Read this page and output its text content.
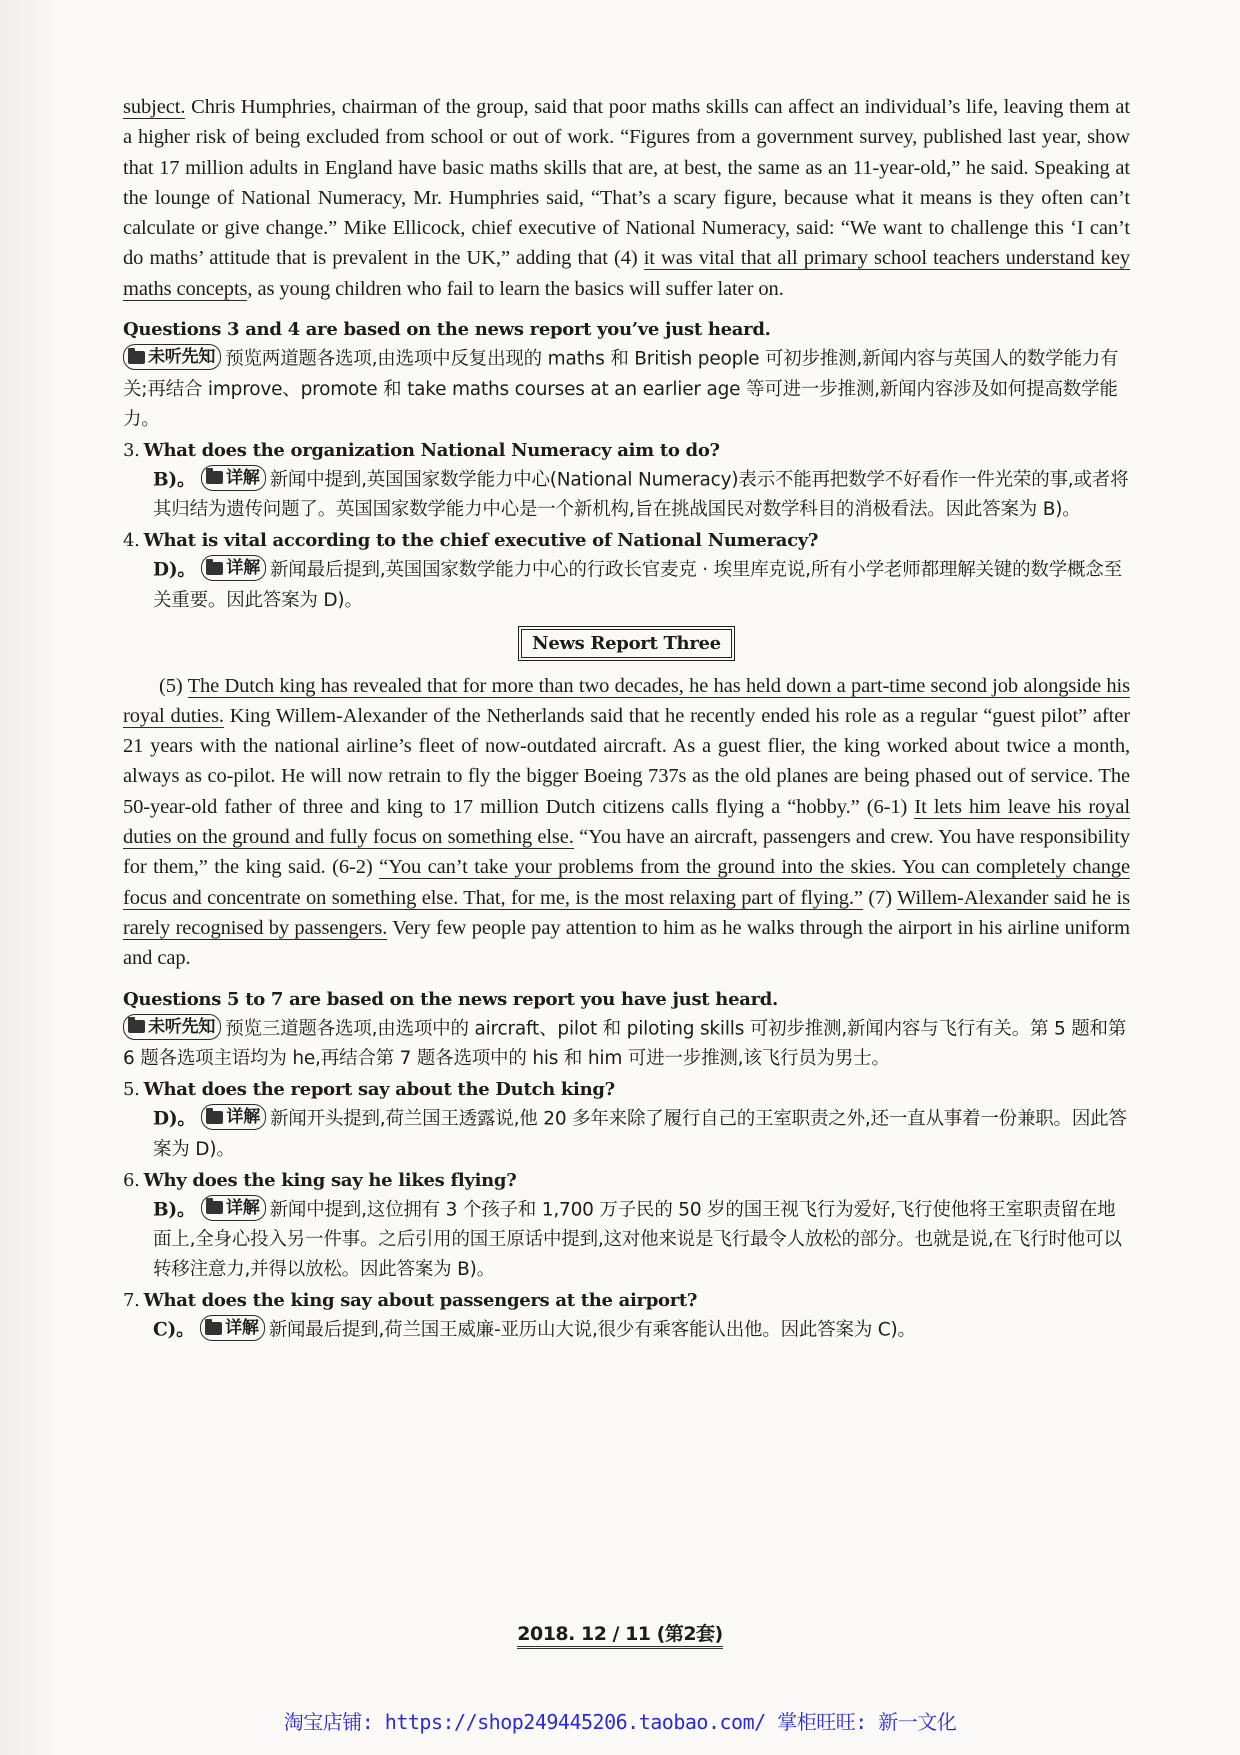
subject. Chris Humphries, chairman of the group, said that poor maths skills can affect an individual’s life, leaving them at a higher risk of being excluded from school or out of work. “Figures from a government survey, published last year, show that 17 million adults in England have basic maths skills that are, at best, the same as an 11-year-old,” he said. Speaking at the lounge of National Numeracy, Mr. Humphries said, “That’s a scary figure, because what it means is they often can’t calculate or give change.” Mike Ellicock, chief executive of National Numeracy, said: “We want to challenge this ‘I can’t do maths’ attitude that is prevalent in the UK,” adding that (4) it was vital that all primary school teachers understand key maths concepts, as young children who fail to learn the basics will suffer later on.

Questions 3 and 4 are based on the news report you’ve just heard.
未听先知 预览两道题各选项,由选项中反复出现的 maths 和 British people 可初步推测,新闻内容与英国人的数学能力有关;再结合 improve、promote 和 take maths courses at an earlier age 等可进一步推测,新闻内容涉及如何提高数学能力。
3. What does the organization National Numeracy aim to do?
B)。 详解 新闻中提到,英国国家数学能力中心(National Numeracy)表示不能再把数学不好看作一件光荣的事,或者将其归结为遗传问题了。英国国家数学能力中心是一个新机构,旨在挑战国民对数学科目的消极看法。因此答案为 B)。
4. What is vital according to the chief executive of National Numeracy?
D)。 详解 新闻最后提到,英国国家数学能力中心的行政长官麦克 · 埃里库克说,所有小学老师都理解关键的数学概念至关重要。因此答案为 D)。
News Report Three

(5) The Dutch king has revealed that for more than two decades, he has held down a part-time second job alongside his royal duties. King Willem-Alexander of the Netherlands said that he recently ended his role as a regular “guest pilot” after 21 years with the national airline’s fleet of now-outdated aircraft. As a guest flier, the king worked about twice a month, always as co-pilot. He will now retrain to fly the bigger Boeing 737s as the old planes are being phased out of service. The 50-year-old father of three and king to 17 million Dutch citizens calls flying a “hobby.” (6-1) It lets him leave his royal duties on the ground and fully focus on something else. “You have an aircraft, passengers and crew. You have responsibility for them,” the king said. (6-2) “You can’t take your problems from the ground into the skies. You can completely change focus and concentrate on something else. That, for me, is the most relaxing part of flying.” (7) Willem-Alexander said he is rarely recognised by passengers. Very few people pay attention to him as he walks through the airport in his airline uniform and cap.

Questions 5 to 7 are based on the news report you have just heard.
未听先知 预览三道题各选项,由选项中的 aircraft、pilot 和 piloting skills 可初步推测,新闻内容与飞行有关。第 5 题和第 6 题各选项主语均为 he,再结合第 7 题各选项中的 his 和 him 可进一步推测,该飞行员为男士。
5. What does the report say about the Dutch king?
D)。 详解 新闻开头提到,荷兰国王透露说,他 20 多年来除了履行自己的王室职责之外,还一直从事着一份兼职。因此答案为 D)。
6. Why does the king say he likes flying?
B)。 详解 新闻中提到,这位拥有 3 个孩子和 1,700 万子民的 50 岁的国王视飞行为爱好,飞行使他将王室职责留在地面上,全身心投入另一件事。之后引用的国王原话中提到,这对他来说是飞行最令人放松的部分。也就是说,在飞行时他可以转移注意力,并得以放松。因此答案为 B)。
7. What does the king say about passengers at the airport?
C)。 详解 新闻最后提到,荷兰国王威廉-亚历山大说,很少有乘客能认出他。因此答案为 C)。
2018. 12 / 11 (第2套)
淘宝店铺: https://shop249445206.taobao.com/ 掌柜旺旺: 新一文化
